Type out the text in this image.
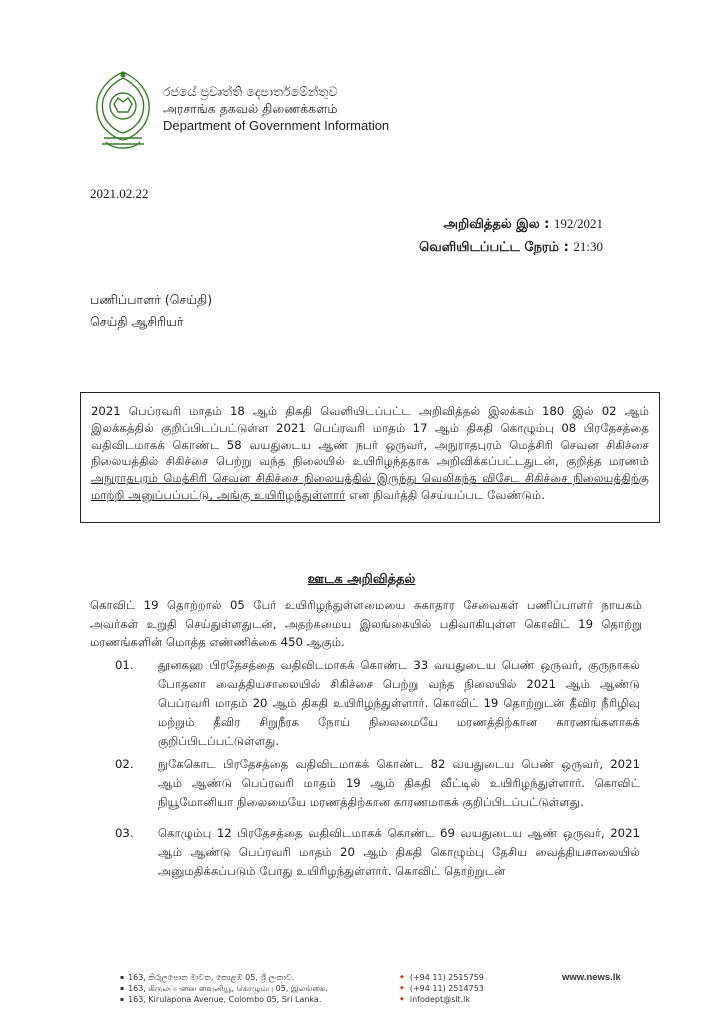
රජයේ ප්‍රවෘත්ති දෙපාර්තමේන්තුව
அரசாங்க தகவல் திணைக்களம்
Department of Government Information
2021.02.22
அறிவித்தல் இல : 192/2021
வெளியிடப்பட்ட நேரம் : 21:30
பணிப்பாளர் (செய்தி)
செய்தி ஆசிரியர்

2021 பெப்ரவரி மாதம் 18 ஆம் திகதி வெளியிடப்பட்ட அறிவித்தல் இலக்கம் 180 இல் 02 ஆம் இலக்கத்தில் குறிப்பிடப்பட்டுள்ள 2021 பெப்ரவரி மாதம் 17 ஆம் திகதி கொழும்பு 08 பிரதேசத்தை வதிவிடமாகக் கொண்ட 58 வயதுடைய ஆண் நபர் ஒருவர், அநுராதபுரம் மெத்சிரி செவன சிகிச்சை நிலையத்தில் சிகிச்சை பெற்று வந்த நிலையில் உயிரிழந்ததாக அறிவிக்கப்பட்டதுடன், குறித்த மரணம் அநுராதபுரம் மெத்சிரி செவன சிகிச்சை நிலையத்தில் இருந்து வெலிகந்த விசேட சிகிச்சை நிலையத்திற்கு மாற்றி அனுப்பப்பட்டு, அங்கு உயிரிழந்துள்ளார் என நிவர்த்தி செய்யப்பட வேண்டும்.

ஊடக அறிவித்தல்

கொவிட் 19 தொற்றால் 05 பேர் உயிரிழந்துள்ளமையை சுகாதார சேவைகள் பணிப்பாளர் நாயகம் அவர்கள் உறுதி செய்துள்ளதுடன், அதற்கமைய இலங்கையில் பதிவாகியுள்ள கொவிட் 19 தொற்று மரணங்களின் மொத்த எண்ணிக்கை 450 ஆகும்.

01. தூனகஹ பிரதேசத்தை வதிவிடமாகக் கொண்ட 33 வயதுடைய பெண் ஒருவர், குருநாகல் போதனா வைத்தியசாலையில் சிகிச்சை பெற்று வந்த நிலையில் 2021 ஆம் ஆண்டு பெப்ரவரி மாதம் 20 ஆம் திகதி உயிரிழந்துள்ளார். கொவிட் 19 தொற்றுடன் தீவிர நீரிழிவு மற்றும் தீவிர சிறுநீரக நோய் நிலைமையே மரணத்திற்கான காரணங்களாகக் குறிப்பிடப்பட்டுள்ளது.
02. நுகேகொட பிரதேசத்தை வதிவிடமாகக் கொண்ட 82 வயதுடைய பெண் ஒருவர், 2021 ஆம் ஆண்டு பெப்ரவரி மாதம் 19 ஆம் திகதி வீட்டில் உயிரிழந்துள்ளார். கொவிட் நியூமோனியா நிலைமையே மரணத்திற்கான காரணமாகக் குறிப்பிடப்பட்டுள்ளது.
03. கொழும்பு 12 பிரதேசத்தை வதிவிடமாகக் கொண்ட 69 வயதுடைய ஆண் ஒருவர், 2021 ஆம் ஆண்டு பெப்ரவரி மாதம் 20 ஆம் திகதி கொழும்பு தேசிய வைத்தியசாலையில் அனுமதிக்கப்படும் போது உயிரிழந்துள்ளார். கொவிட் தொற்றுடன்
▪ 163, කිරුලපොන මාවත, කොළඹ 05, ශ්‍රී ලංකාව.
▪ 163, கிருலப்பனை வைனியூ, கொழும்பு 05, இலங்கை.
▪ 163, Kirulapona Avenue, Colombo 05, Sri Lanka.
◆ (+94 11) 2515759
◆ (+94 11) 2514753
◆ infodept@slt.lk
www.news.lk
